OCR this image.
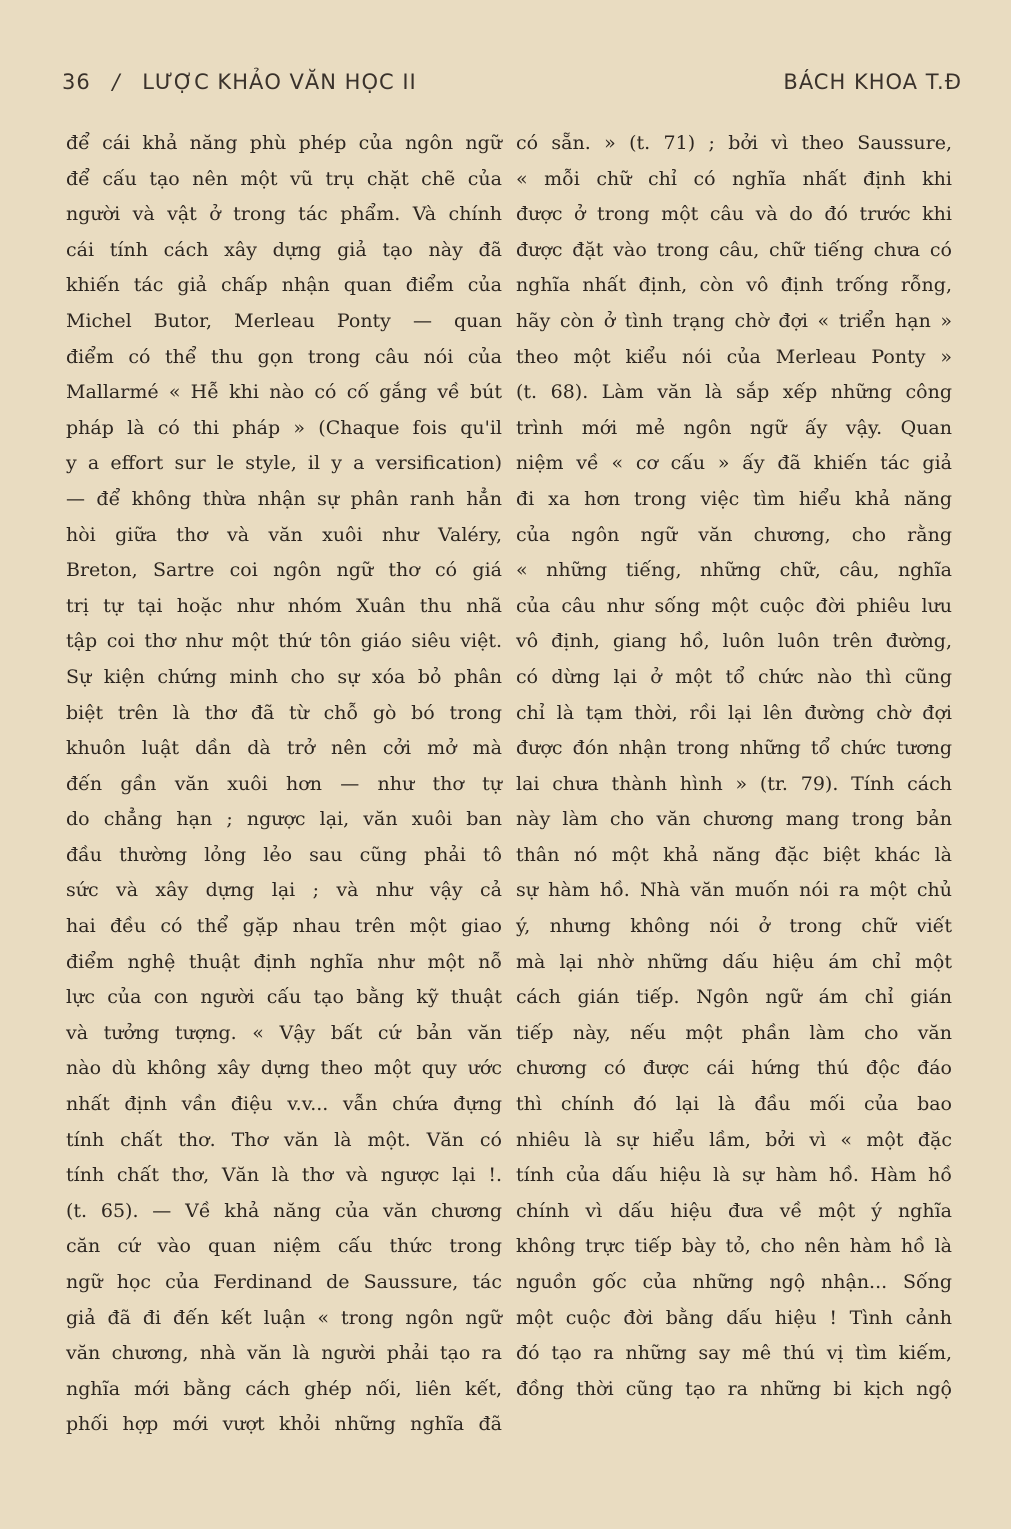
36 / LƯỢC KHẢO VĂN HỌC II	BÁCH KHOA T.Đ
để cái khả năng phù phép của ngôn ngữ
để cấu tạo nên một vũ trụ chặt chẽ của
người và vật ở trong tác phẩm. Và chính
cái tính cách xây dựng giả tạo này đã
khiến tác giả chấp nhận quan điểm của
Michel Butor, Merleau Ponty — quan
điểm có thể thu gọn trong câu nói của
Mallarmé « Hễ khi nào có cố gắng về bút
pháp là có thi pháp » (Chaque fois qu'il
y a effort sur le style, il y a versification)
— để không thừa nhận sự phân ranh hẳn
hòi giữa thơ và văn xuôi như Valéry,
Breton, Sartre coi ngôn ngữ thơ có giá
trị tự tại hoặc như nhóm Xuân thu nhã
tập coi thơ như một thứ tôn giáo siêu việt.
Sự kiện chứng minh cho sự xóa bỏ phân
biệt trên là thơ đã từ chỗ gò bó trong
khuôn luật dần dà trở nên cởi mở mà
đến gần văn xuôi hơn — như thơ tự
do chẳng hạn ; ngược lại, văn xuôi ban
đầu thường lỏng lẻo sau cũng phải tô
sức và xây dựng lại ; và như vậy cả
hai đều có thể gặp nhau trên một giao
điểm nghệ thuật định nghĩa như một nỗ
lực của con người cấu tạo bằng kỹ thuật
và tưởng tượng. « Vậy bất cứ bản văn
nào dù không xây dựng theo một quy ước
nhất định vần điệu v.v... vẫn chứa đựng
tính chất thơ. Thơ văn là một. Văn có
tính chất thơ, Văn là thơ và ngược lại !.
(t. 65). — Về khả năng của văn chương
căn cứ vào quan niệm cấu thức trong
ngữ học của Ferdinand de Saussure, tác
giả đã đi đến kết luận « trong ngôn ngữ
văn chương, nhà văn là người phải tạo ra
nghĩa mới bằng cách ghép nối, liên kết,
phối hợp mới vượt khỏi những nghĩa đã
có sẵn. » (t. 71) ; bởi vì theo Saussure,
« mỗi chữ chỉ có nghĩa nhất định khi
được ở trong một câu và do đó trước khi
được đặt vào trong câu, chữ tiếng chưa có
nghĩa nhất định, còn vô định trống rỗng,
hãy còn ở tình trạng chờ đợi « triển hạn »
theo một kiểu nói của Merleau Ponty »
(t. 68). Làm văn là sắp xếp những công
trình mới mẻ ngôn ngữ ấy vậy. Quan
niệm về « cơ cấu » ấy đã khiến tác giả
đi xa hơn trong việc tìm hiểu khả năng
của ngôn ngữ văn chương, cho rằng
« những tiếng, những chữ, câu, nghĩa
của câu như sống một cuộc đời phiêu lưu
vô định, giang hồ, luôn luôn trên đường,
có dừng lại ở một tổ chức nào thì cũng
chỉ là tạm thời, rồi lại lên đường chờ đợi
được đón nhận trong những tổ chức tương
lai chưa thành hình » (tr. 79). Tính cách
này làm cho văn chương mang trong bản
thân nó một khả năng đặc biệt khác là
sự hàm hồ. Nhà văn muốn nói ra một chủ
ý, nhưng không nói ở trong chữ viết
mà lại nhờ những dấu hiệu ám chỉ một
cách gián tiếp. Ngôn ngữ ám chỉ gián
tiếp này, nếu một phần làm cho văn
chương có được cái hứng thú độc đáo
thì chính đó lại là đầu mối của bao
nhiêu là sự hiểu lầm, bởi vì « một đặc
tính của dấu hiệu là sự hàm hồ. Hàm hồ
chính vì dấu hiệu đưa về một ý nghĩa
không trực tiếp bày tỏ, cho nên hàm hồ là
nguồn gốc của những ngộ nhận... Sống
một cuộc đời bằng dấu hiệu ! Tình cảnh
đó tạo ra những say mê thú vị tìm kiếm,
đồng thời cũng tạo ra những bi kịch ngộ
